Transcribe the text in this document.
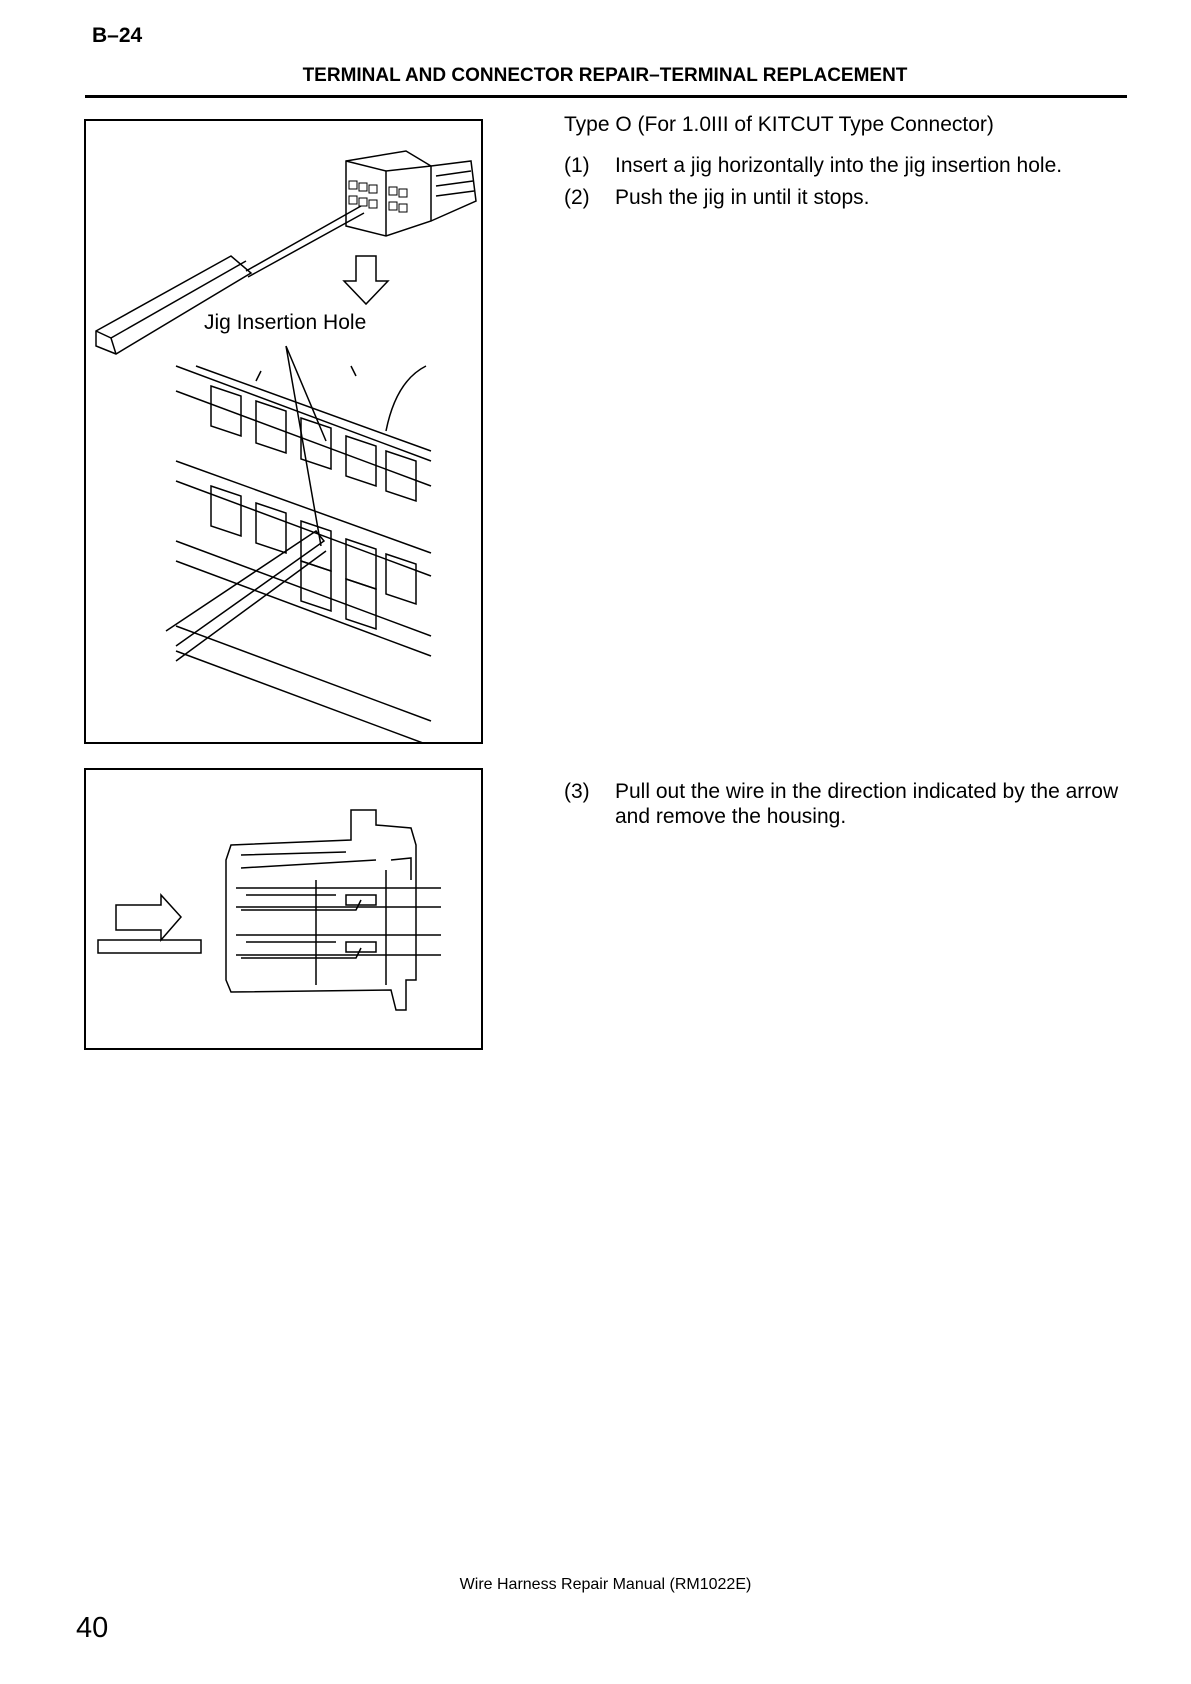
B–24
TERMINAL AND CONNECTOR REPAIR–TERMINAL REPLACEMENT
Jig Insertion Hole
Type O (For 1.0III of KITCUT Type Connector)
(1) Insert a jig horizontally into the jig insertion hole.
(2) Push the jig in until it stops.
(3) Pull out the wire in the direction indicated by the arrow and remove the housing.
Wire Harness Repair Manual (RM1022E)
40
